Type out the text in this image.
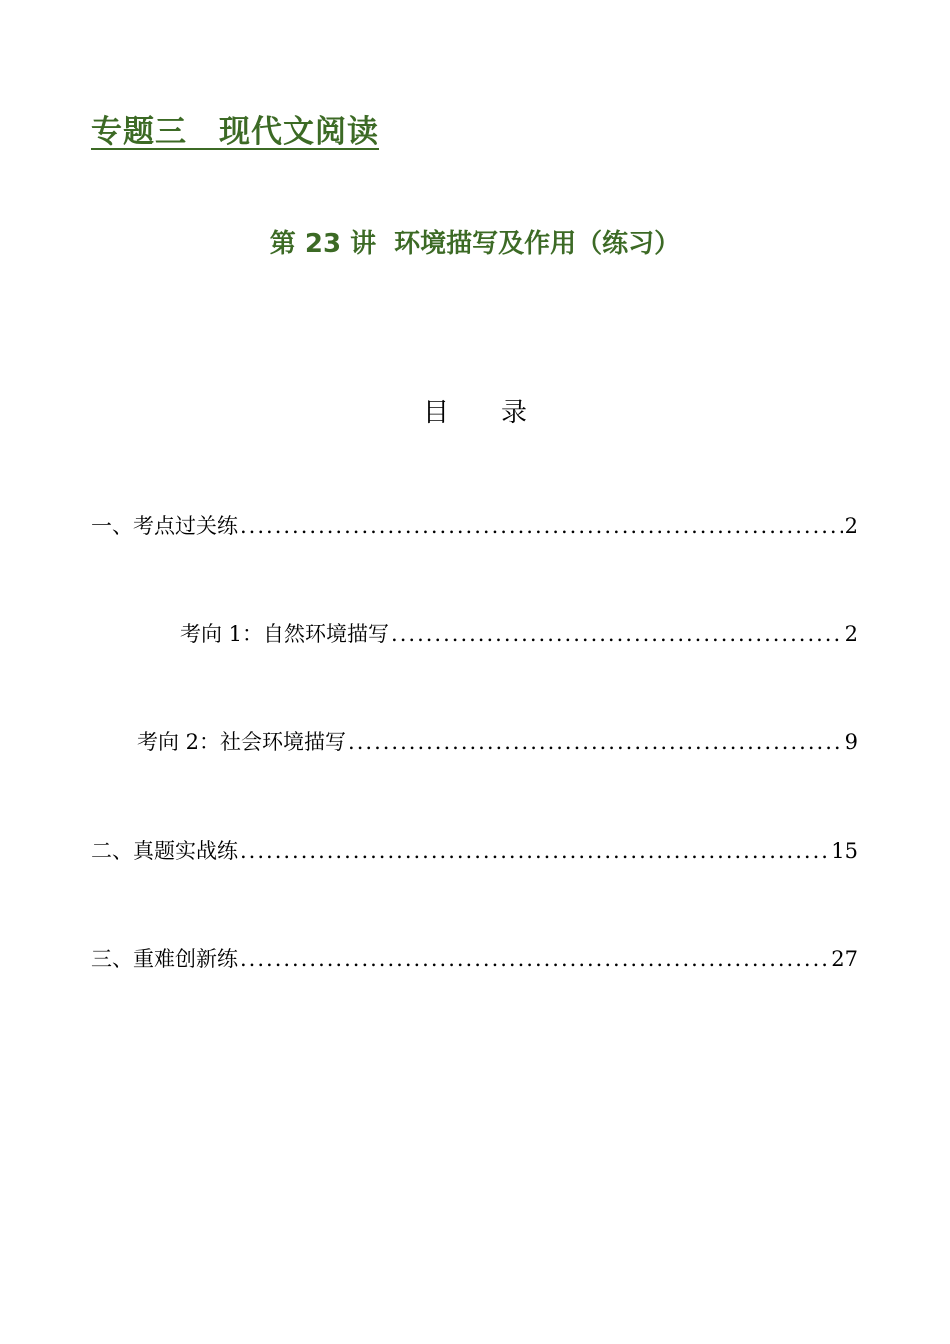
专题三　现代文阅读
第 23 讲  环境描写及作用（练习）
目　　录
一、考点过关练 .....	2
考向 1：自然环境描写 .....	2
考向 2：社会环境描写 .....	9
二、真题实战练 .....	15
三、重难创新练 .....	27
